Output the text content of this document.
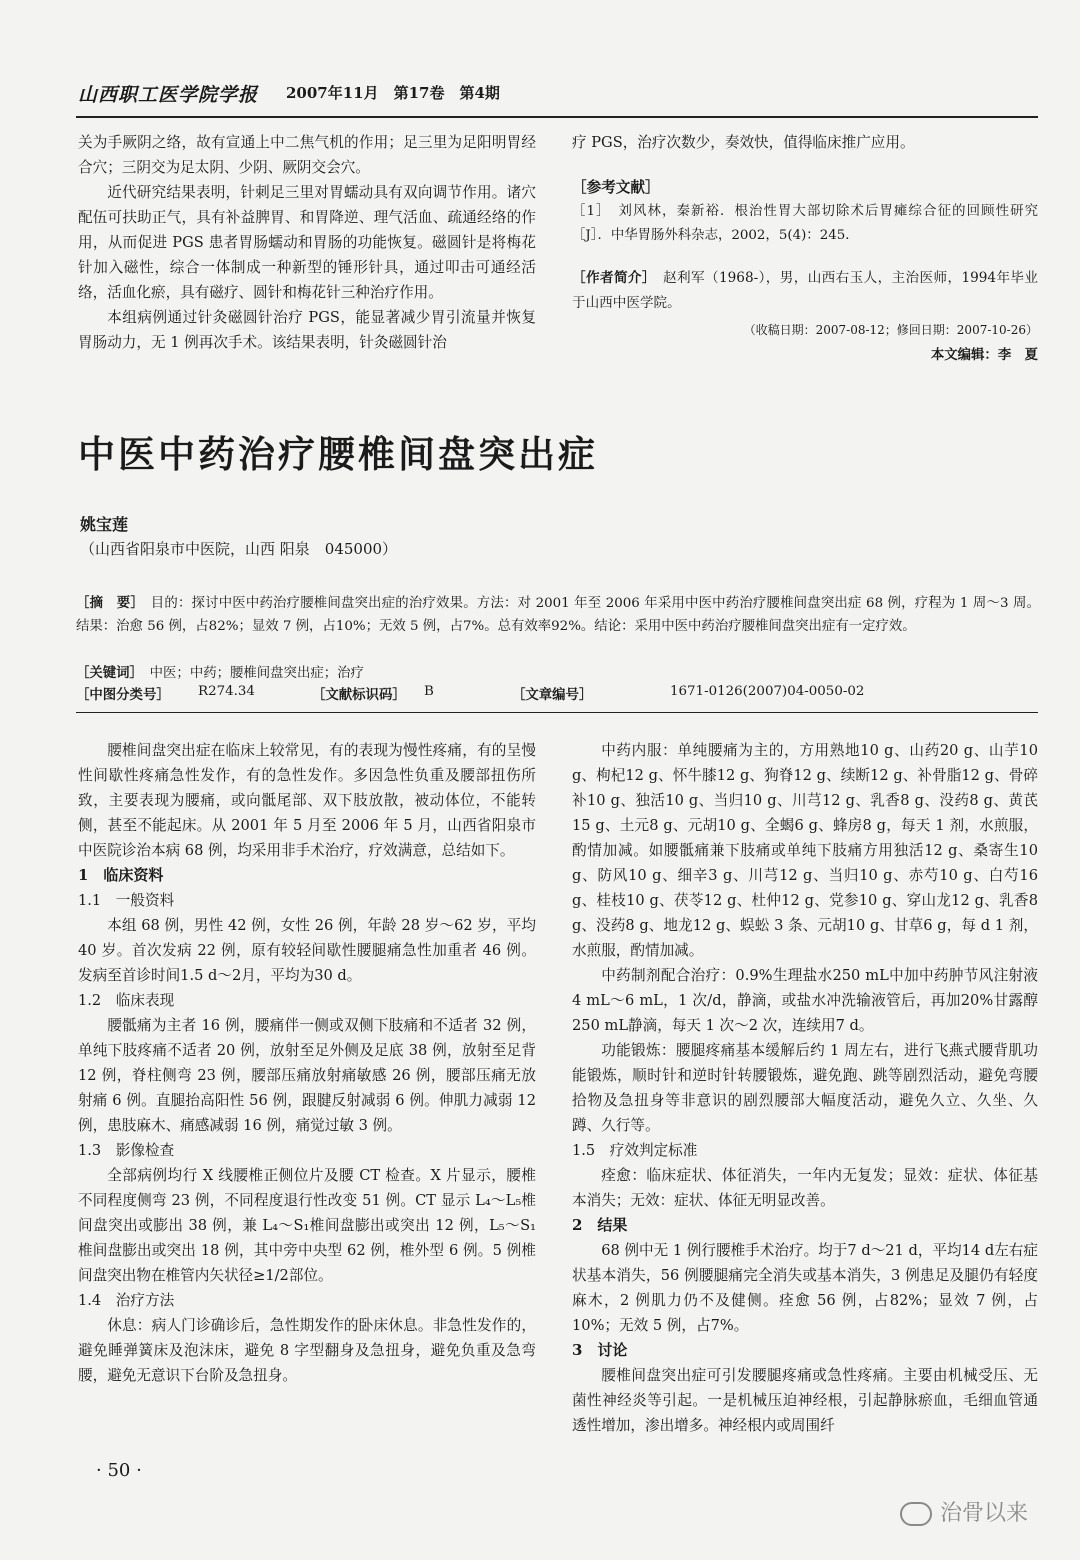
山西职工医学院学报 2007年11月　第17卷　第4期

关为手厥阴之络，故有宣通上中二焦气机的作用；足三里为足阳明胃经合穴；三阴交为足太阴、少阴、厥阴交会穴。

近代研究结果表明，针刺足三里对胃蠕动具有双向调节作用。诸穴配伍可扶助正气，具有补益脾胃、和胃降逆、理气活血、疏通经络的作用，从而促进 PGS 患者胃肠蠕动和胃肠的功能恢复。磁圆针是将梅花针加入磁性，综合一体制成一种新型的锤形针具，通过叩击可通经活络，活血化瘀，具有磁疗、圆针和梅花针三种治疗作用。

本组病例通过针灸磁圆针治疗 PGS，能显著减少胃引流量并恢复胃肠动力，无 1 例再次手术。该结果表明，针灸磁圆针治

疗 PGS，治疗次数少，奏效快，值得临床推广应用。

［参考文献］

［1］　刘风林，秦新裕．根治性胃大部切除术后胃瘫综合征的回顾性研究［J］．中华胃肠外科杂志，2002，5(4)：245．

［作者简介］　赵利军（1968-），男，山西右玉人，主治医师，1994年毕业于山西中医学院。

（收稿日期：2007-08-12；修回日期：2007-10-26）

本文编辑：李　夏

中医中药治疗腰椎间盘突出症
姚宝莲
（山西省阳泉市中医院，山西 阳泉　045000）
［摘　要］　目的：探讨中医中药治疗腰椎间盘突出症的治疗效果。方法：对 2001 年至 2006 年采用中医中药治疗腰椎间盘突出症 68 例，疗程为 1 周～3 周。结果：治愈 56 例，占82%；显效 7 例，占10%；无效 5 例，占7%。总有效率92%。结论：采用中医中药治疗腰椎间盘突出症有一定疗效。
［关键词］　中医；中药；腰椎间盘突出症；治疗
［中图分类号］ R274.34	［文献标识码］ B	［文章编号］	1671-0126(2007)04-0050-02

腰椎间盘突出症在临床上较常见，有的表现为慢性疼痛，有的呈慢性间歇性疼痛急性发作，有的急性发作。多因急性负重及腰部扭伤所致，主要表现为腰痛，或向骶尾部、双下肢放散，被动体位，不能转侧，甚至不能起床。从 2001 年 5 月至 2006 年 5 月，山西省阳泉市中医院诊治本病 68 例，均采用非手术治疗，疗效满意，总结如下。

1　临床资料

1.1　一般资料

本组 68 例，男性 42 例，女性 26 例，年龄 28 岁～62 岁，平均 40 岁。首次发病 22 例，原有较轻间歇性腰腿痛急性加重者 46 例。发病至首诊时间1.5 d～2月，平均为30 d。

1.2　临床表现

腰骶痛为主者 16 例，腰痛伴一侧或双侧下肢痛和不适者 32 例，单纯下肢疼痛不适者 20 例，放射至足外侧及足底 38 例，放射至足背 12 例，脊柱侧弯 23 例，腰部压痛放射痛敏感 26 例，腰部压痛无放射痛 6 例。直腿抬高阳性 56 例，跟腱反射减弱 6 例。伸肌力减弱 12 例，患肢麻木、痛感减弱 16 例，痛觉过敏 3 例。

1.3　影像检查

全部病例均行 X 线腰椎正侧位片及腰 CT 检查。X 片显示，腰椎不同程度侧弯 23 例，不同程度退行性改变 51 例。CT 显示 L₄～L₅椎间盘突出或膨出 38 例，兼 L₄～S₁椎间盘膨出或突出 12 例，L₅～S₁ 椎间盘膨出或突出 18 例，其中旁中央型 62 例，椎外型 6 例。5 例椎间盘突出物在椎管内矢状径≥1/2部位。

1.4　治疗方法

休息：病人门诊确诊后，急性期发作的卧床休息。非急性发作的，避免睡弹簧床及泡沫床，避免 8 字型翻身及急扭身，避免负重及急弯腰，避免无意识下台阶及急扭身。

中药内服：单纯腰痛为主的，方用熟地10 g、山药20 g、山芋10 g、枸杞12 g、怀牛膝12 g、狗脊12 g、续断12 g、补骨脂12 g、骨碎补10 g、独活10 g、当归10 g、川芎12 g、乳香8 g、没药8 g、黄芪15 g、土元8 g、元胡10 g、全蝎6 g、蜂房8 g，每天 1 剂，水煎服，酌情加减。如腰骶痛兼下肢痛或单纯下肢痛方用独活12 g、桑寄生10 g、防风10 g、细辛3 g、川芎12 g、当归10 g、赤芍10 g、白芍16 g、桂枝10 g、茯苓12 g、杜仲12 g、党参10 g、穿山龙12 g、乳香8 g、没药8 g、地龙12 g、蜈蚣 3 条、元胡10 g、甘草6 g，每 d 1 剂，水煎服，酌情加减。

中药制剂配合治疗：0.9%生理盐水250 mL中加中药肿节风注射液4 mL～6 mL，1 次/d，静滴，或盐水冲洗输液管后，再加20%甘露醇250 mL静滴，每天 1 次～2 次，连续用7 d。

功能锻炼：腰腿疼痛基本缓解后约 1 周左右，进行飞燕式腰背肌功能锻炼，顺时针和逆时针转腰锻炼，避免跑、跳等剧烈活动，避免弯腰拾物及急扭身等非意识的剧烈腰部大幅度活动，避免久立、久坐、久蹲、久行等。

1.5　疗效判定标准

痊愈：临床症状、体征消失，一年内无复发；显效：症状、体征基本消失；无效：症状、体征无明显改善。

2　结果

68 例中无 1 例行腰椎手术治疗。均于7 d～21 d，平均14 d左右症状基本消失，56 例腰腿痛完全消失或基本消失，3 例患足及腿仍有轻度麻木，2 例肌力仍不及健侧。痊愈 56 例，占82%；显效 7 例，占10%；无效 5 例，占7%。

3　讨论

腰椎间盘突出症可引发腰腿疼痛或急性疼痛。主要由机械受压、无菌性神经炎等引起。一是机械压迫神经根，引起静脉瘀血，毛细血管通透性增加，渗出增多。神经根内或周围纤

· 50 ·
治骨以来
